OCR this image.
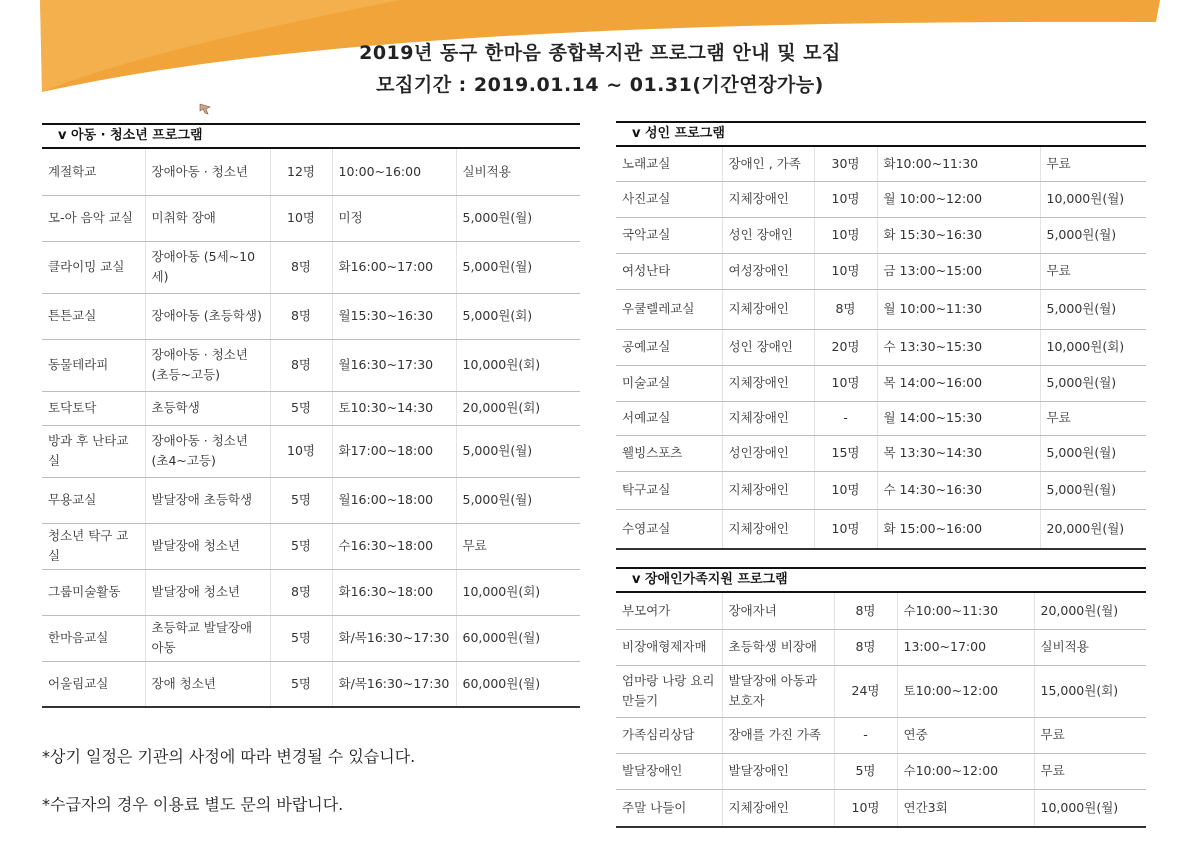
2019년 동구 한마음 종합복지관 프로그램 안내 및 모집
모집기간 : 2019.01.14 ~ 01.31(기간연장가능)
v 아동 · 청소년 프로그램
계절학교	장애아동 · 청소년	12명	10:00~16:00	실비적용
모-아 음악 교실	미취학 장애	10명	미정	5,000원(월)
클라이밍 교실	장애아동 (5세~10세)	8명	화16:00~17:00	5,000원(월)
튼튼교실	장애아동 (초등학생)	8명	월15:30~16:30	5,000원(회)
동물테라피	장애아동 · 청소년 (초등~고등)	8명	월16:30~17:30	10,000원(회)
토닥토닥	초등학생	5명	토10:30~14:30	20,000원(회)
방과 후 난타교실	장애아동 · 청소년 (초4~고등)	10명	화17:00~18:00	5,000원(월)
무용교실	발달장애 초등학생	5명	월16:00~18:00	5,000원(월)
청소년 탁구 교실	발달장애 청소년	5명	수16:30~18:00	무료
그룹미술활동	발달장애 청소년	8명	화16:30~18:00	10,000원(회)
한마음교실	초등학교 발달장애아동	5명	화/목16:30~17:30	60,000원(월)
어울림교실	장애 청소년	5명	화/목16:30~17:30	60,000원(월)
v 성인 프로그램
노래교실	장애인 , 가족	30명	화10:00~11:30	무료
사진교실	지체장애인	10명	월 10:00~12:00	10,000원(월)
국악교실	성인 장애인	10명	화 15:30~16:30	5,000원(월)
여성난타	여성장애인	10명	금 13:00~15:00	무료
우쿨렐레교실	지체장애인	8명	월 10:00~11:30	5,000원(월)
공예교실	성인 장애인	20명	수 13:30~15:30	10,000원(회)
미술교실	지체장애인	10명	목 14:00~16:00	5,000원(월)
서예교실	지체장애인	-	월 14:00~15:30	무료
웰빙스포츠	성인장애인	15명	목 13:30~14:30	5,000원(월)
탁구교실	지체장애인	10명	수 14:30~16:30	5,000원(월)
수영교실	지체장애인	10명	화 15:00~16:00	20,000원(월)
v 장애인가족지원 프로그램
부모여가	장애자녀	8명	수10:00~11:30	20,000원(월)
비장애형제자매	초등학생 비장애	8명	13:00~17:00	실비적용
엄마랑 나랑 요리만들기	발달장애 아동과 보호자	24명	토10:00~12:00	15,000원(회)
가족심리상담	장애를 가진 가족	-	연중	무료
발달장애인	발달장애인	5명	수10:00~12:00	무료
주말 나들이	지체장애인	10명	연간3회	10,000원(월)
*상기 일정은 기관의 사정에 따라 변경될 수 있습니다.
*수급자의 경우 이용료 별도 문의 바랍니다.
